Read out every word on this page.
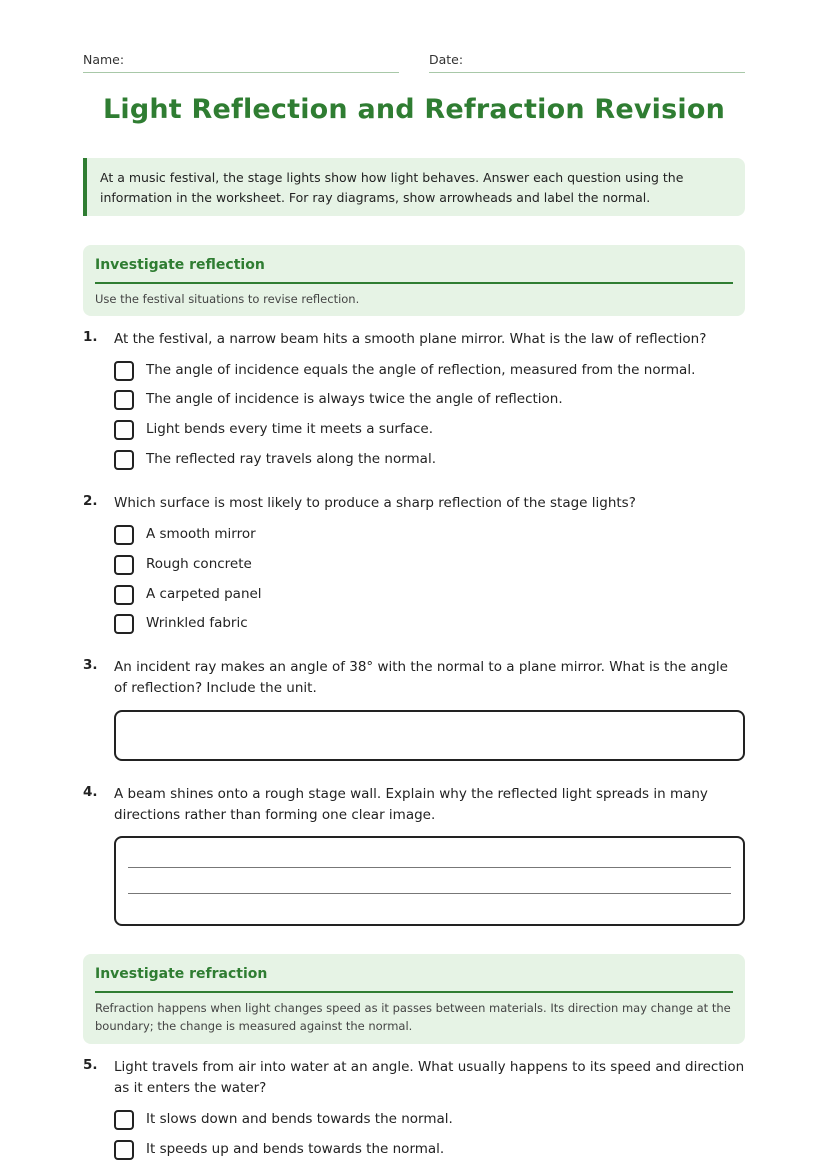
Name:	Date:
Light Reflection and Refraction Revision
At a music festival, the stage lights show how light behaves. Answer each question using the information in the worksheet. For ray diagrams, show arrowheads and label the normal.
Investigate reflection
Use the festival situations to revise reflection.
1. At the festival, a narrow beam hits a smooth plane mirror. What is the law of reflection?
The angle of incidence equals the angle of reflection, measured from the normal.
The angle of incidence is always twice the angle of reflection.
Light bends every time it meets a surface.
The reflected ray travels along the normal.
2. Which surface is most likely to produce a sharp reflection of the stage lights?
A smooth mirror
Rough concrete
A carpeted panel
Wrinkled fabric
3. An incident ray makes an angle of 38° with the normal to a plane mirror. What is the angle of reflection? Include the unit.
4. A beam shines onto a rough stage wall. Explain why the reflected light spreads in many directions rather than forming one clear image.
Investigate refraction
Refraction happens when light changes speed as it passes between materials. Its direction may change at the boundary; the change is measured against the normal.
5. Light travels from air into water at an angle. What usually happens to its speed and direction as it enters the water?
It slows down and bends towards the normal.
It speeds up and bends towards the normal.
